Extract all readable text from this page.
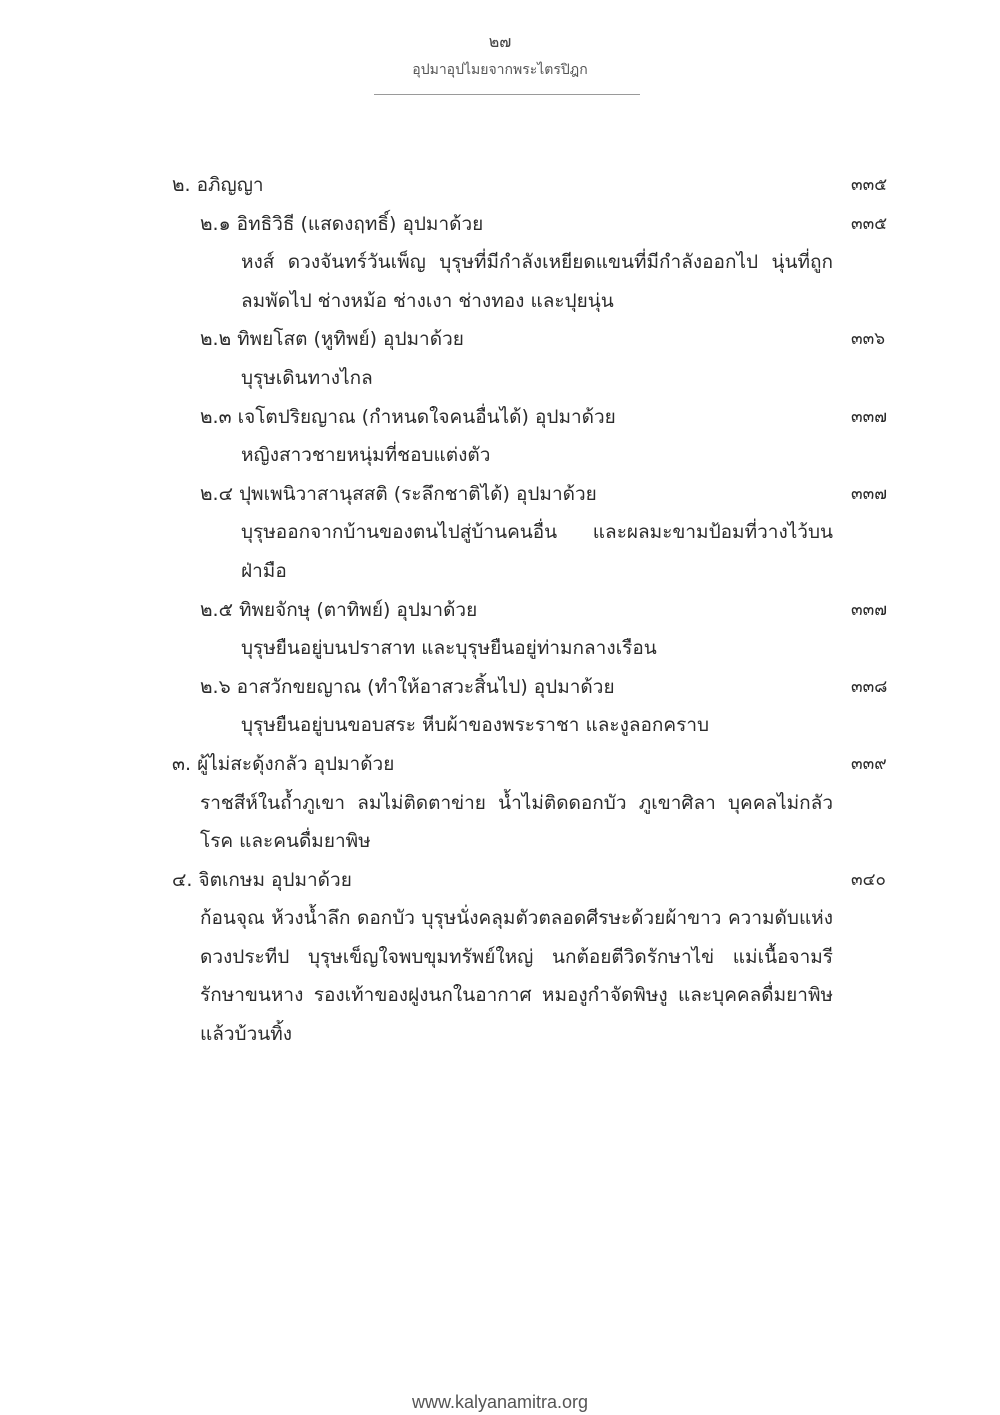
๒๗
อุปมาอุปไมยจากพระไตรปิฎก
๒. อภิญญา	๓๓๕
๒.๑ อิทธิวิธี (แสดงฤทธิ์) อุปมาด้วย	๓๓๕
หงส์ ดวงจันทร์วันเพ็ญ บุรุษที่มีกำลังเหยียดแขนที่มีกำลังออกไป นุ่นที่ถูกลมพัดไป ช่างหม้อ ช่างเงา ช่างทอง และปุยนุ่น
๒.๒ ทิพยโสต (หูทิพย์) อุปมาด้วย	๓๓๖
บุรุษเดินทางไกล
๒.๓ เจโตปริยญาณ (กำหนดใจคนอื่นได้) อุปมาด้วย	๓๓๗
หญิงสาวชายหนุ่มที่ชอบแต่งตัว
๒.๔ ปุพเพนิวาสานุสสติ (ระลึกชาติได้) อุปมาด้วย	๓๓๗
บุรุษออกจากบ้านของตนไปสู่บ้านคนอื่น และผลมะขามป้อมที่วางไว้บนฝ่ามือ
๒.๕ ทิพยจักษุ (ตาทิพย์) อุปมาด้วย	๓๓๗
บุรุษยืนอยู่บนปราสาท และบุรุษยืนอยู่ท่ามกลางเรือน
๒.๖ อาสวักขยญาณ (ทำให้อาสวะสิ้นไป) อุปมาด้วย	๓๓๘
บุรุษยืนอยู่บนขอบสระ หีบผ้าของพระราชา และงูลอกคราบ
๓. ผู้ไม่สะดุ้งกลัว อุปมาด้วย	๓๓๙
ราชสีห์ในถ้ำภูเขา ลมไม่ติดตาข่าย น้ำไม่ติดดอกบัว ภูเขาศิลา บุคคลไม่กลัวโรค และคนดื่มยาพิษ
๔. จิตเกษม อุปมาด้วย	๓๔๐
ก้อนจุณ ห้วงน้ำลึก ดอกบัว บุรุษนั่งคลุมตัวตลอดศีรษะด้วยผ้าขาว ความดับแห่งดวงประทีป บุรุษเข็ญใจพบขุมทรัพย์ใหญ่ นกต้อยตีวิดรักษาไข่ แม่เนื้อจามรีรักษาขนหาง รองเท้าของฝูงนกในอากาศ หมองูกำจัดพิษงู และบุคคลดื่มยาพิษแล้วบ้วนทิ้ง
www.kalyanamitra.org
